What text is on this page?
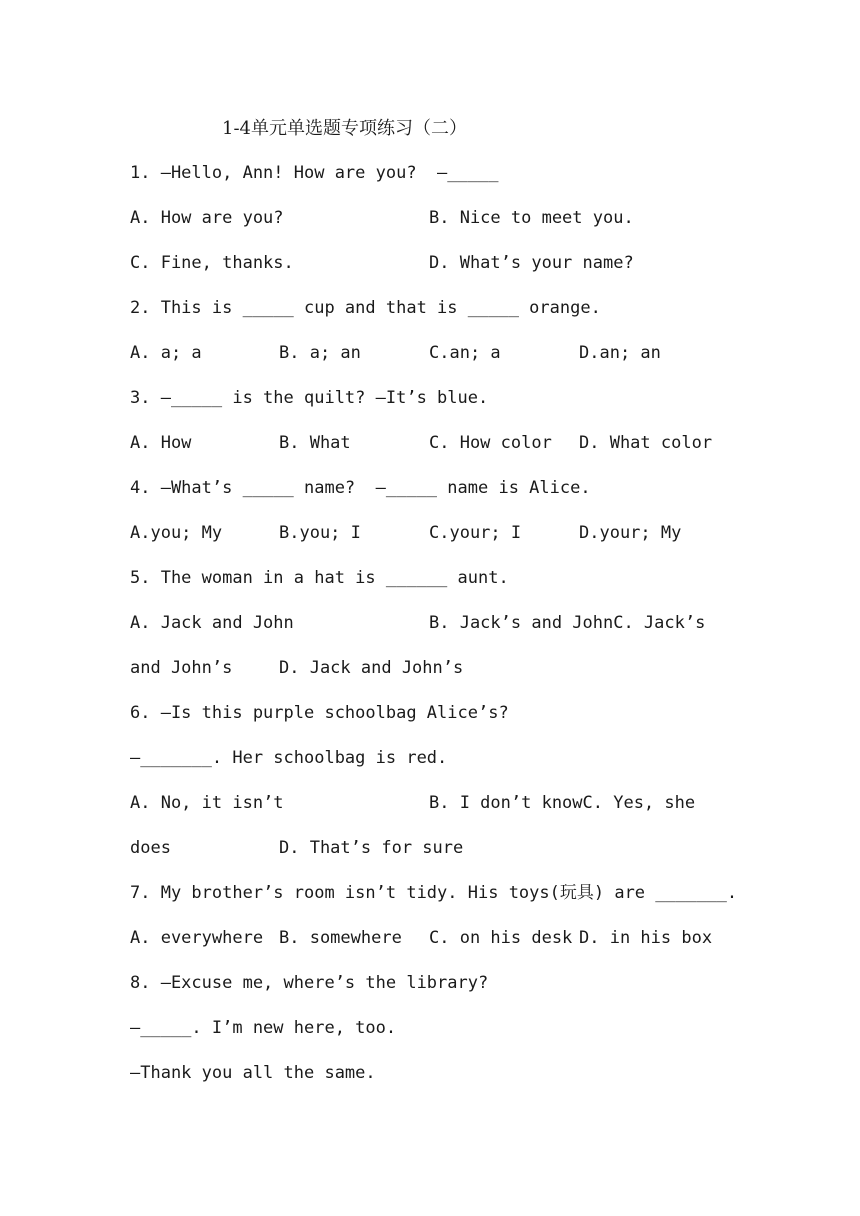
1-4单元单选题专项练习（二）
1. —Hello, Ann! How are you?  —_____
A. How are you?	B. Nice to meet you.
C. Fine, thanks.	D. What’s your name?
2. This is _____ cup and that is _____ orange.
A. a; a	B. a; an	C.an; a	D.an; an
3. —_____ is the quilt? —It’s blue.
A. How	B. What	C. How color D. What color
4. —What’s _____ name?  —_____ name is Alice.
A.you; My	B.you; I	C.your; I	D.your; My
5. The woman in a hat is ______ aunt.
A. Jack and John	B. Jack’s and JohnC. Jack’s
and John’s	D. Jack and John’s
6. —Is this purple schoolbag Alice’s?
—_______. Her schoolbag is red.
A. No, it isn’t	B. I don’t knowC. Yes, she
does	D. That’s for sure
7. My brother’s room isn’t tidy. His toys(玩具) are _______.
A. everywhere B. somewhere C. on his desk D. in his box
8. —Excuse me, where’s the library?
—_____. I’m new here, too.
—Thank you all the same.
